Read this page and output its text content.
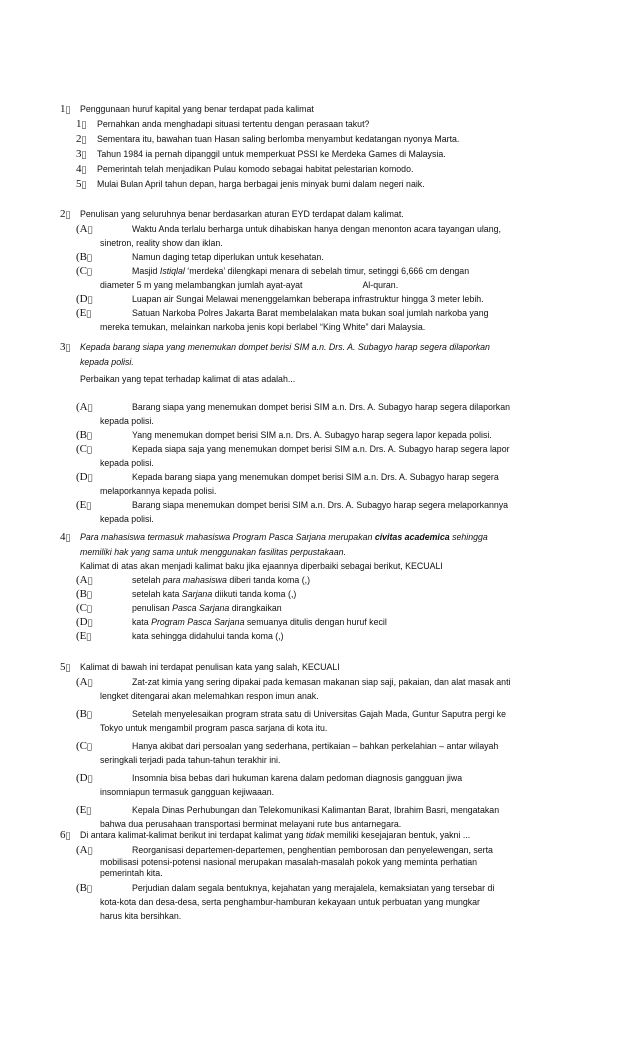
1 Penggunaan huruf kapital yang benar terdapat pada kalimat
1 Pernahkan anda menghadapi situasi tertentu dengan perasaan takut?
2 Sementara itu, bawahan tuan Hasan saling berlomba menyambut kedatangan nyonya Marta.
3 Tahun 1984 ia pernah dipanggil untuk memperkuat PSSI ke Merdeka Games di Malaysia.
4 Pemerintah telah menjadikan Pulau komodo sebagai habitat pelestarian komodo.
5 Mulai Bulan April tahun depan, harga berbagai jenis minyak bumi dalam negeri naik.
2 Penulisan yang seluruhnya benar berdasarkan aturan EYD terdapat dalam kalimat.
(A	Waktu Anda terlalu berharga untuk dihabiskan hanya dengan menonton acara tayangan ulang,
sinetron, reality show dan iklan.
(B	Namun daging tetap diperlukan untuk kesehatan.
(C	Masjid Istiqlal ‘merdeka’ dilengkapi menara di sebelah timur, setinggi 6,666 cm dengan
diameter 5 m yang melambangkan jumlah ayat-ayat	Al-quran.
(D	Luapan air Sungai Melawai menenggelamkan beberapa infrastruktur hingga 3 meter lebih.
(E	Satuan Narkoba Polres Jakarta Barat membelalakan mata bukan soal jumlah narkoba yang
mereka temukan, melainkan narkoba jenis kopi berlabel “King White” dari Malaysia.
3 Kepada barang siapa yang menemukan dompet berisi SIM a.n. Drs. A. Subagyo harap segera dilaporkan
kepada polisi.
Perbaikan yang tepat terhadap kalimat di atas adalah...
(A	Barang siapa yang menemukan dompet berisi SIM a.n. Drs. A. Subagyo harap segera dilaporkan
kepada polisi.
(B	Yang menemukan dompet berisi SIM a.n. Drs. A. Subagyo harap segera lapor kepada polisi.
(C	Kepada siapa saja yang menemukan dompet berisi SIM a.n. Drs. A. Subagyo harap segera lapor
kepada polisi.
(D	Kepada barang siapa yang menemukan dompet berisi SIM a.n. Drs. A. Subagyo harap segera
melaporkannya kepada polisi.
(E	Barang siapa menemukan dompet berisi SIM a.n. Drs. A. Subagyo harap segera melaporkannya
kepada polisi.
4 Para mahasiswa termasuk mahasiswa Program Pasca Sarjana merupakan civitas academica sehingga
memiliki hak yang sama untuk menggunakan fasilitas perpustakaan.
Kalimat di atas akan menjadi kalimat baku jika ejaannya diperbaiki sebagai berikut, KECUALI
(A	setelah para mahasiswa diberi tanda koma (,)
(B	setelah kata Sarjana diikuti tanda koma (,)
(C	penulisan Pasca Sarjana dirangkaikan
(D	kata Program Pasca Sarjana semuanya ditulis dengan huruf kecil
(E	kata sehingga didahului tanda koma (,)
5 Kalimat di bawah ini terdapat penulisan kata yang salah, KECUALI
(A	Zat-zat kimia yang sering dipakai pada kemasan makanan siap saji, pakaian, dan alat masak anti
lengket ditengarai akan melemahkan respon imun anak.
(B	Setelah menyelesaikan program strata satu di Universitas Gajah Mada, Guntur Saputra pergi ke
Tokyo untuk mengambil program pasca sarjana di kota itu.
(C	Hanya akibat dari persoalan yang sederhana, pertikaian – bahkan perkelahian – antar wilayah
seringkali terjadi pada tahun-tahun terakhir ini.
(D	Insomnia bisa bebas dari hukuman karena dalam pedoman diagnosis gangguan jiwa
insomniapun termasuk gangguan kejiwaaan.
(E	Kepala Dinas Perhubungan dan Telekomunikasi Kalimantan Barat, Ibrahim Basri, mengatakan
bahwa dua perusahaan transportasi berminat melayani rute bus antarnegara.
6 Di antara kalimat-kalimat berikut ini terdapat kalimat yang tidak memiliki kesejajaran bentuk, yakni ...
(A	Reorganisasi departemen-departemen, penghentian pemborosan dan penyelewengan, serta
mobilisasi potensi-potensi nasional merupakan masalah-masalah pokok yang meminta perhatian
pemerintah kita.
(B	Perjudian dalam segala bentuknya, kejahatan yang merajalela, kemaksiatan yang tersebar di
kota-kota dan desa-desa, serta penghambur-hamburan kekayaan untuk perbuatan yang mungkar
harus kita bersihkan.
